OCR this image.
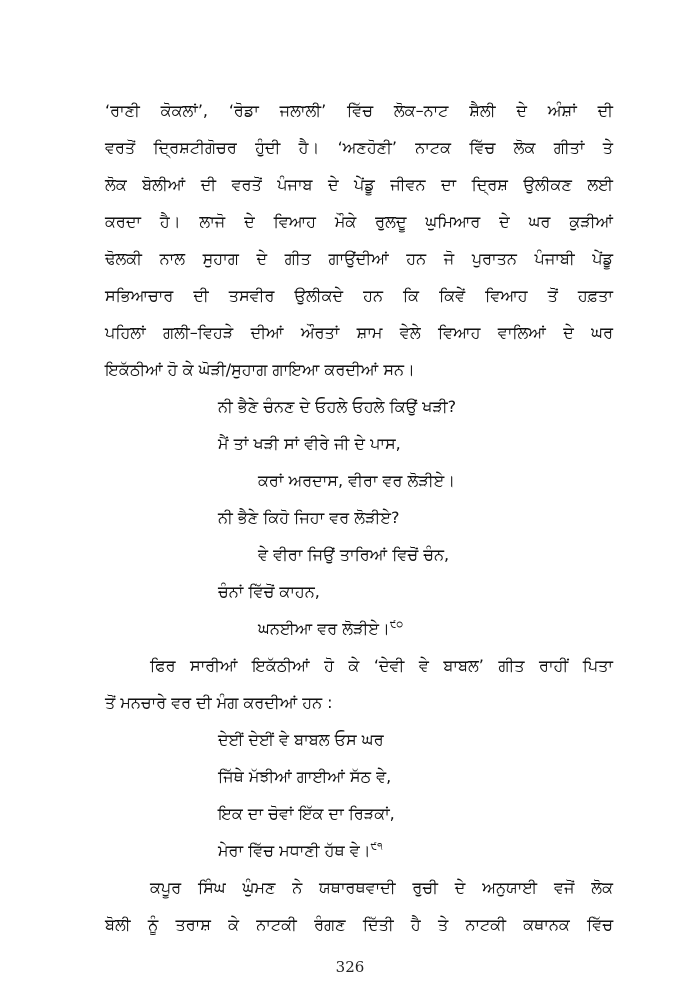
‘ਰਾਣੀ ਕੋਕਲਾਂ’, ‘ਰੋਡਾ ਜਲਾਲੀ’ ਵਿੱਚ ਲੋਕ–ਨਾਟ ਸ਼ੈਲੀ ਦੇ ਅੰਸ਼ਾਂ ਦੀ
ਵਰਤੋਂ ਦ੍ਰਿਸ਼ਟੀਗੋਚਰ ਹੁੰਦੀ ਹੈ। ‘ਅਣਹੋਣੀ’ ਨਾਟਕ ਵਿੱਚ ਲੋਕ ਗੀਤਾਂ ਤੇ
ਲੋਕ ਬੋਲੀਆਂ ਦੀ ਵਰਤੋਂ ਪੰਜਾਬ ਦੇ ਪੇਂਡੂ ਜੀਵਨ ਦਾ ਦ੍ਰਿਸ਼ ਉਲੀਕਣ ਲਈ
ਕਰਦਾ ਹੈ। ਲਾਜੋ ਦੇ ਵਿਆਹ ਮੌਕੇ ਰੁਲਦੂ ਘੁਮਿਆਰ ਦੇ ਘਰ ਕੁੜੀਆਂ
ਢੋਲਕੀ ਨਾਲ ਸੁਹਾਗ ਦੇ ਗੀਤ ਗਾਉਂਦੀਆਂ ਹਨ ਜੋ ਪੁਰਾਤਨ ਪੰਜਾਬੀ ਪੇਂਡੂ
ਸਭਿਆਚਾਰ ਦੀ ਤਸਵੀਰ ਉਲੀਕਦੇ ਹਨ ਕਿ ਕਿਵੇਂ ਵਿਆਹ ਤੋਂ ਹਫ਼ਤਾ
ਪਹਿਲਾਂ ਗਲੀ–ਵਿਹੜੇ ਦੀਆਂ ਔਰਤਾਂ ਸ਼ਾਮ ਵੇਲੇ ਵਿਆਹ ਵਾਲਿਆਂ ਦੇ ਘਰ
ਇਕੱਠੀਆਂ ਹੋ ਕੇ ਘੋੜੀ/ਸੁਹਾਗ ਗਾਇਆ ਕਰਦੀਆਂ ਸਨ।
ਨੀ ਭੈਣੇ ਚੰਨਣ ਦੇ ਓਹਲੇ ਓਹਲੇ ਕਿਉਂ ਖੜੀ?
ਮੈਂ ਤਾਂ ਖੜੀ ਸਾਂ ਵੀਰੇ ਜੀ ਦੇ ਪਾਸ,
ਕਰਾਂ ਅਰਦਾਸ, ਵੀਰਾ ਵਰ ਲੋੜੀਏ।
ਨੀ ਭੈਣੇ ਕਿਹੋ ਜਿਹਾ ਵਰ ਲੋੜੀਏ?
ਵੇ ਵੀਰਾ ਜਿਉਂ ਤਾਰਿਆਂ ਵਿਚੋਂ ਚੰਨ,
ਚੰਨਾਂ ਵਿੱਚੋਂ ਕਾਹਨ,
ਘਨਈਆ ਵਰ ਲੋੜੀਏ।$^{੯੦}$
ਫਿਰ ਸਾਰੀਆਂ ਇਕੱਠੀਆਂ ਹੋ ਕੇ ‘ਦੇਵੀ ਵੇ ਬਾਬਲ’ ਗੀਤ ਰਾਹੀਂ ਪਿਤਾ
ਤੋਂ ਮਨਚਾਰੇ ਵਰ ਦੀ ਮੰਗ ਕਰਦੀਆਂ ਹਨ :
ਦੇਈਂ ਦੇਈਂ ਵੇ ਬਾਬਲ ਓਸ ਘਰ
ਜਿੱਥੇ ਮੱਝੀਆਂ ਗਾਈਆਂ ਸੱਠ ਵੇ,
ਇਕ ਦਾ ਚੋਵਾਂ ਇੱਕ ਦਾ ਰਿੜਕਾਂ,
ਮੇਰਾ ਵਿੱਚ ਮਧਾਣੀ ਹੱਥ ਵੇ।$^{੯੧}$
ਕਪੂਰ ਸਿੰਘ ਘੁੰਮਣ ਨੇ ਯਥਾਰਥਵਾਦੀ ਰੁਚੀ ਦੇ ਅਨੁਯਾਈ ਵਜੋਂ ਲੋਕ
ਬੋਲੀ ਨੂੰ ਤਰਾਸ਼ ਕੇ ਨਾਟਕੀ ਰੰਗਣ ਦਿੱਤੀ ਹੈ ਤੇ ਨਾਟਕੀ ਕਥਾਨਕ ਵਿੱਚ
326
